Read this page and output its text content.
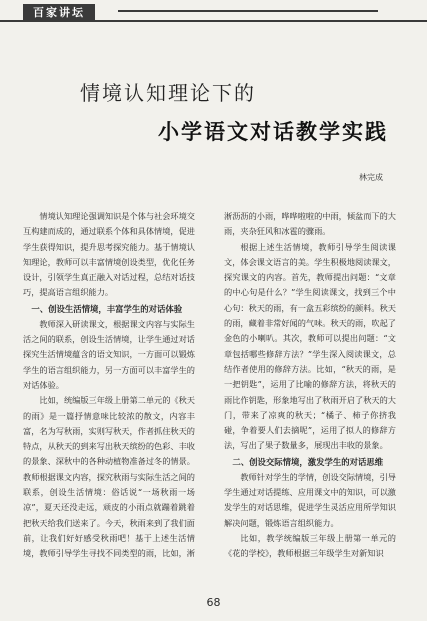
百家讲坛
情境认知理论下的
小学语文对话教学实践
林完成

情境认知理论强调知识是个体与社会环境交互构建而成的，通过联系个体和具体情境，促进学生获得知识，提升思考探究能力。基于情境认知理论，教师可以丰富情境创设类型，优化任务设计，引领学生真正融入对话过程，总结对话技巧，提高语言组织能力。

一、创设生活情境，丰富学生的对话体验

教师深入研读课文，根据课文内容与实际生活之间的联系，创设生活情境，让学生通过对话探究生活情境蕴含的语文知识，一方面可以锻炼学生的语言组织能力，另一方面可以丰富学生的对话体验。

比如，统编版三年级上册第二单元的《秋天的雨》是一篇抒情意味比较浓的散文，内容丰富，名为写秋雨，实则写秋天，作者抓住秋天的特点，从秋天的到来写出秋天缤纷的色彩、丰收的景象、深秋中的各种动植物准备过冬的情景。教师根据课文内容，探究秋雨与实际生活之间的联系，创设生活情境：俗话说“一场秋雨一场凉”，夏天还没走远，顽皮的小雨点就蹦着跳着把秋天给我们送来了。今天，秋雨来到了我们面前，让我们好好感受秋雨吧！基于上述生活情境，教师引导学生寻找不同类型的雨，比如，淅

淅沥沥的小雨，哗哗啦啦的中雨，倾盆而下的大雨，夹杂狂风和冰雹的骤雨。

根据上述生活情境，教师引导学生阅读课文，体会课文语言的美。学生积极地阅读课文，探究课文的内容。首先，教师提出问题：“文章的中心句是什么？”学生阅读课文，找到三个中心句：秋天的雨，有一盒五彩缤纷的颜料。秋天的雨，藏着非常好闻的气味。秋天的雨，吹起了金色的小喇叭。其次，教师可以提出问题：“文章包括哪些修辞方法？”学生深入阅读课文，总结作者使用的修辞方法。比如，“秋天的雨，是一把钥匙”，运用了比喻的修辞方法，将秋天的雨比作钥匙，形象地写出了秋雨开启了秋天的大门，带来了凉爽的秋天；“橘子、柿子你挤我碰，争着要人们去摘呢”，运用了拟人的修辞方法，写出了果子数量多，展现出丰收的景象。

二、创设交际情境，激发学生的对话思维

教师针对学生的学情，创设交际情境，引导学生通过对话提练、应用课文中的知识，可以激发学生的对话思维，促进学生灵活应用所学知识解决问题，锻炼语言组织能力。

比如，教学统编版三年级上册第一单元的《花的学校》，教师根据三年级学生对新知识

68
